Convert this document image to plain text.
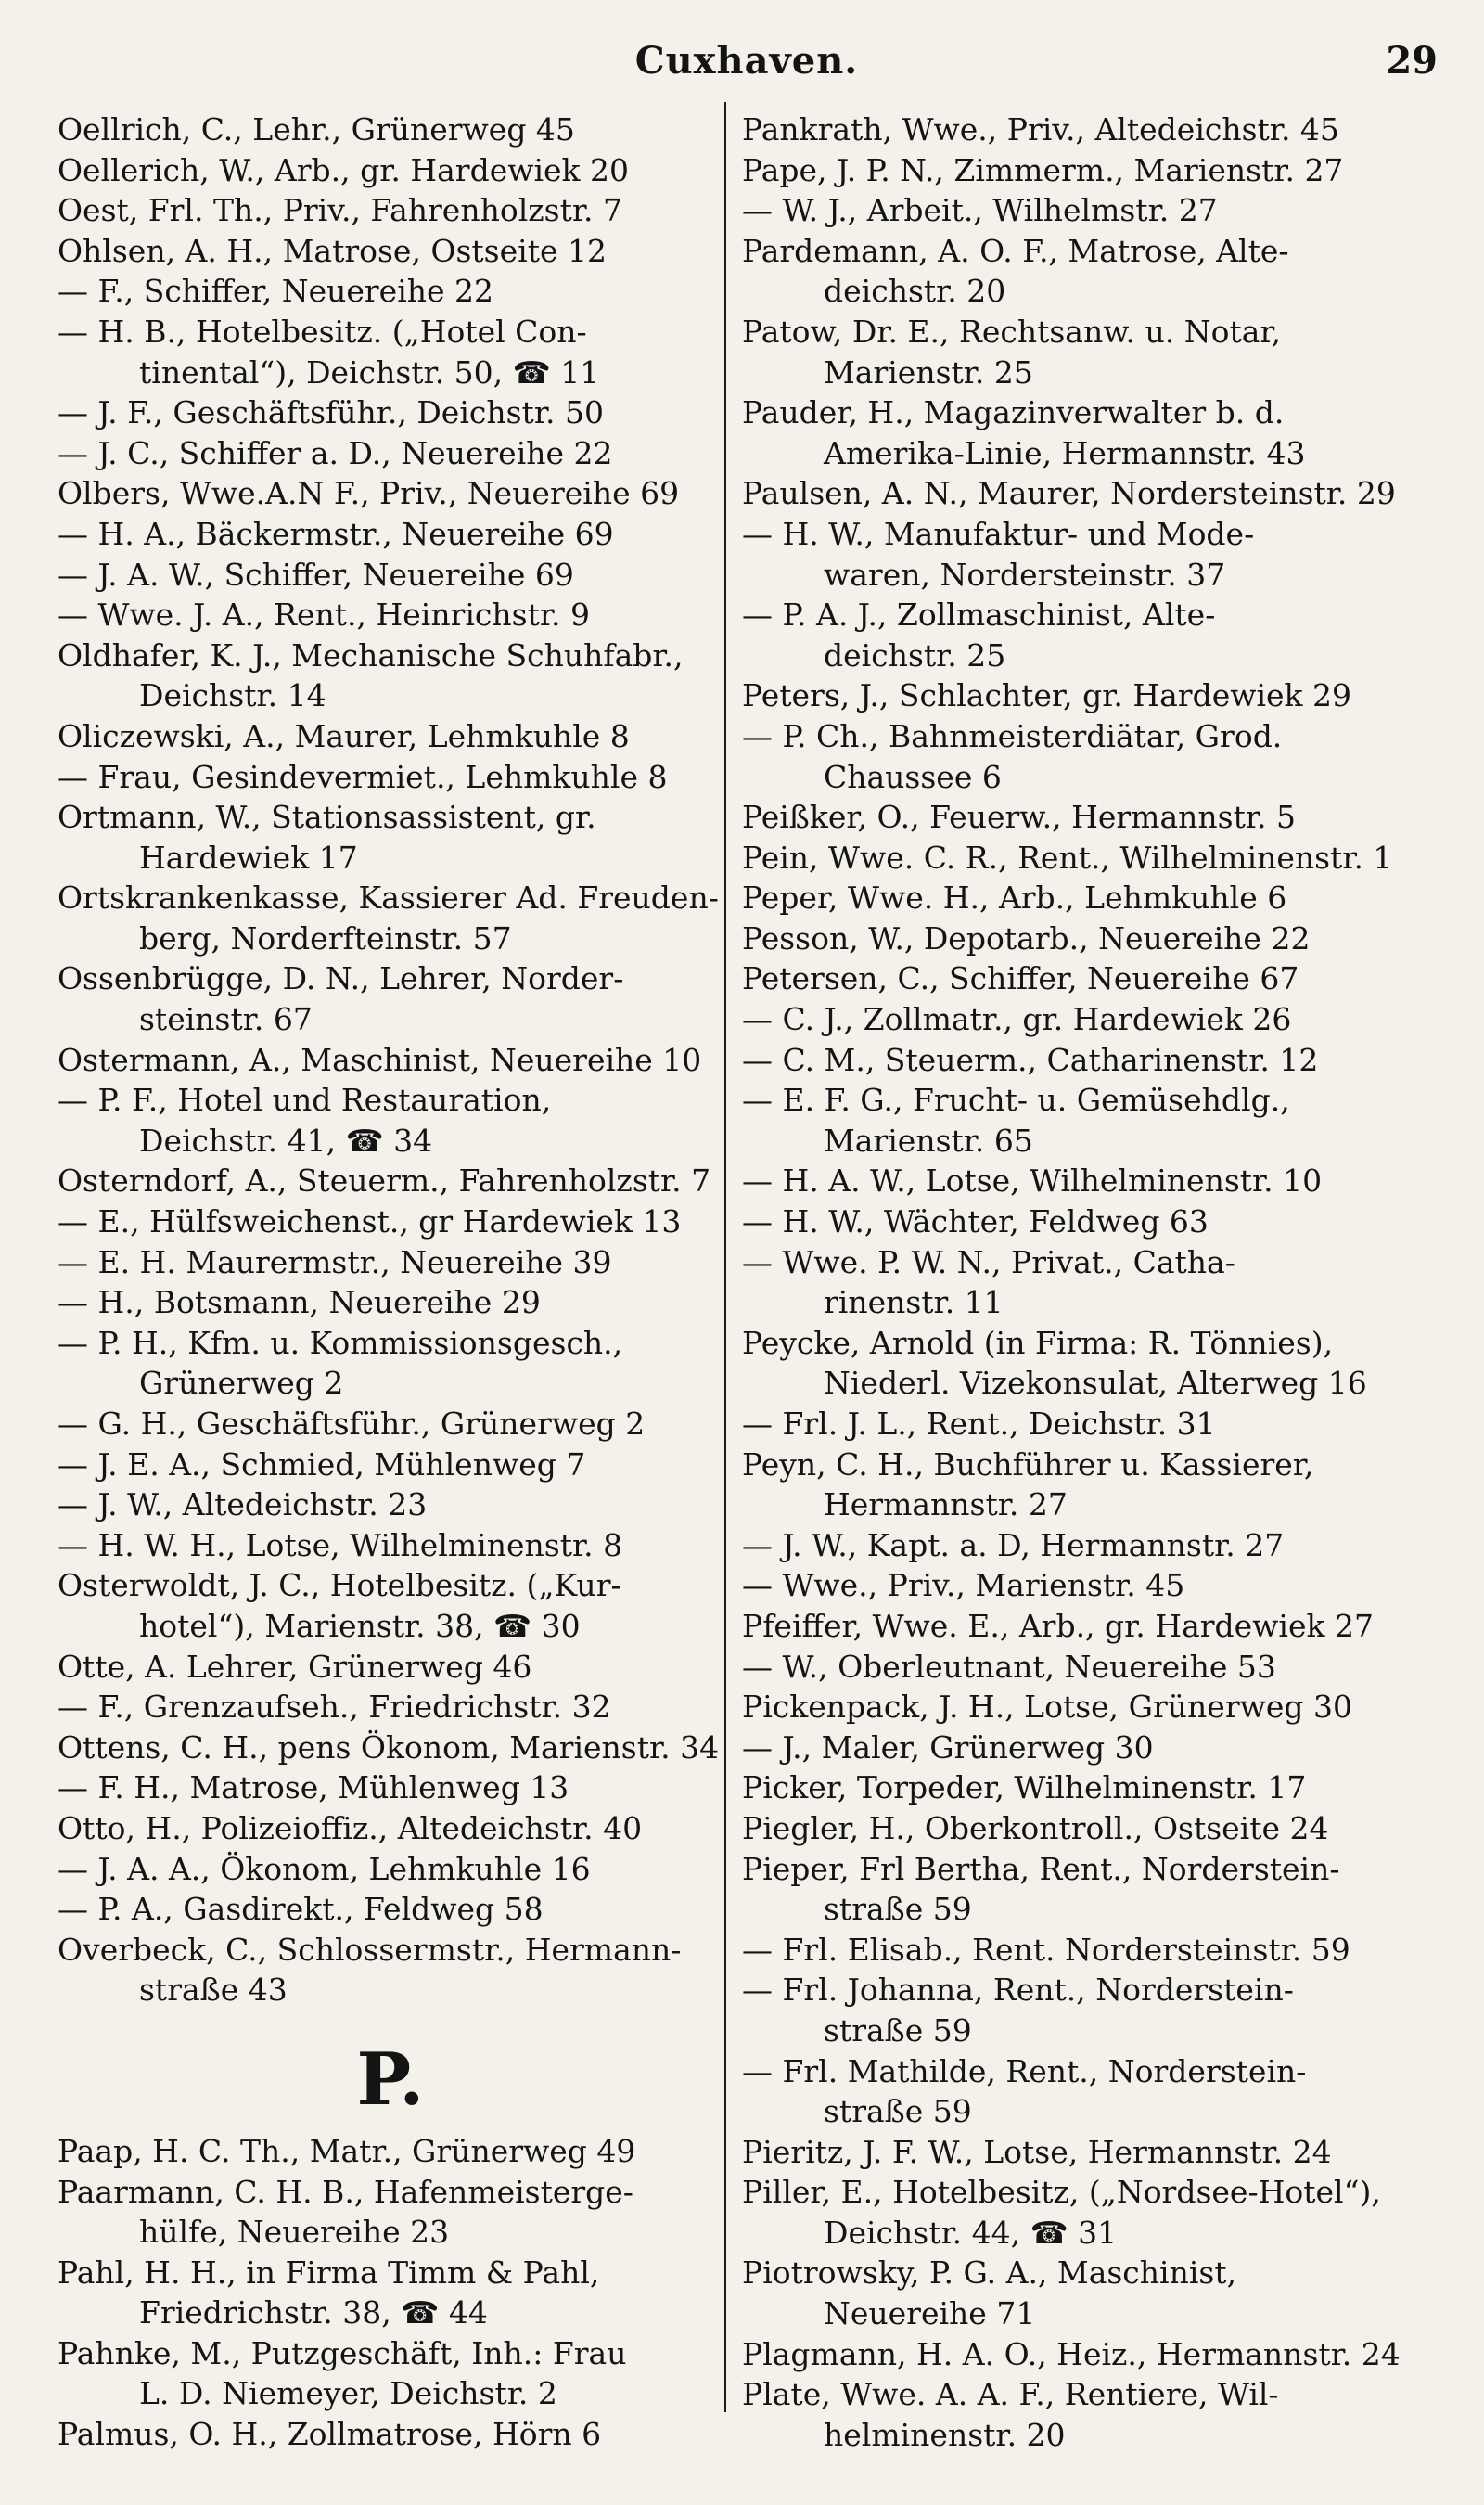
Cuxhaven.	29
Oellrich, C., Lehr., Grünerweg 45
Oellerich, W., Arb., gr. Hardewiek 20
Oest, Frl. Th., Priv., Fahrenholzstr. 7
Ohlsen, A. H., Matrose, Ostseite 12
— F., Schiffer, Neuereihe 22
— H. B., Hotelbesitz. („Hotel Con-
tinental“), Deichstr. 50, ☎ 11
— J. F., Geschäftsführ., Deichstr. 50
— J. C., Schiffer a. D., Neuereihe 22
Olbers, Wwe.A.N F., Priv., Neuereihe 69
— H. A., Bäckermstr., Neuereihe 69
— J. A. W., Schiffer, Neuereihe 69
— Wwe. J. A., Rent., Heinrichstr. 9
Oldhafer, K. J., Mechanische Schuhfabr.,
Deichstr. 14
Oliczewski, A., Maurer, Lehmkuhle 8
— Frau, Gesindevermiet., Lehmkuhle 8
Ortmann, W., Stationsassistent, gr.
Hardewiek 17
Ortskrankenkasse, Kassierer Ad. Freuden-
berg, Norderfteinstr. 57
Ossenbrügge, D. N., Lehrer, Norder-
steinstr. 67
Ostermann, A., Maschinist, Neuereihe 10
— P. F., Hotel und Restauration,
Deichstr. 41, ☎ 34
Osterndorf, A., Steuerm., Fahrenholzstr. 7
— E., Hülfsweichenst., gr Hardewiek 13
— E. H. Maurermstr., Neuereihe 39
— H., Botsmann, Neuereihe 29
— P. H., Kfm. u. Kommissionsgesch.,
Grünerweg 2
— G. H., Geschäftsführ., Grünerweg 2
— J. E. A., Schmied, Mühlenweg 7
— J. W., Altedeichstr. 23
— H. W. H., Lotse, Wilhelminenstr. 8
Osterwoldt, J. C., Hotelbesitz. („Kur-
hotel“), Marienstr. 38, ☎ 30
Otte, A. Lehrer, Grünerweg 46
— F., Grenzaufseh., Friedrichstr. 32
Ottens, C. H., pens Ökonom, Marienstr. 34
— F. H., Matrose, Mühlenweg 13
Otto, H., Polizeioffiz., Altedeichstr. 40
— J. A. A., Ökonom, Lehmkuhle 16
— P. A., Gasdirekt., Feldweg 58
Overbeck, C., Schlossermstr., Hermann-
straße 43
P.
Paap, H. C. Th., Matr., Grünerweg 49
Paarmann, C. H. B., Hafenmeisterge-
hülfe, Neuereihe 23
Pahl, H. H., in Firma Timm & Pahl,
Friedrichstr. 38, ☎ 44
Pahnke, M., Putzgeschäft, Inh.: Frau
L. D. Niemeyer, Deichstr. 2
Palmus, O. H., Zollmatrose, Hörn 6
Pankrath, Wwe., Priv., Altedeichstr. 45
Pape, J. P. N., Zimmerm., Marienstr. 27
— W. J., Arbeit., Wilhelmstr. 27
Pardemann, A. O. F., Matrose, Alte-
deichstr. 20
Patow, Dr. E., Rechtsanw. u. Notar,
Marienstr. 25
Pauder, H., Magazinverwalter b. d.
Amerika-Linie, Hermannstr. 43
Paulsen, A. N., Maurer, Nordersteinstr. 29
— H. W., Manufaktur- und Mode-
waren, Nordersteinstr. 37
— P. A. J., Zollmaschinist, Alte-
deichstr. 25
Peters, J., Schlachter, gr. Hardewiek 29
— P. Ch., Bahnmeisterdiätar, Grod.
Chaussee 6
Peißker, O., Feuerw., Hermannstr. 5
Pein, Wwe. C. R., Rent., Wilhelminenstr. 1
Peper, Wwe. H., Arb., Lehmkuhle 6
Pesson, W., Depotarb., Neuereihe 22
Petersen, C., Schiffer, Neuereihe 67
— C. J., Zollmatr., gr. Hardewiek 26
— C. M., Steuerm., Catharinenstr. 12
— E. F. G., Frucht- u. Gemüsehdlg.,
Marienstr. 65
— H. A. W., Lotse, Wilhelminenstr. 10
— H. W., Wächter, Feldweg 63
— Wwe. P. W. N., Privat., Catha-
rinenstr. 11
Peycke, Arnold (in Firma: R. Tönnies),
Niederl. Vizekonsulat, Alterweg 16
— Frl. J. L., Rent., Deichstr. 31
Peyn, C. H., Buchführer u. Kassierer,
Hermannstr. 27
— J. W., Kapt. a. D, Hermannstr. 27
— Wwe., Priv., Marienstr. 45
Pfeiffer, Wwe. E., Arb., gr. Hardewiek 27
— W., Oberleutnant, Neuereihe 53
Pickenpack, J. H., Lotse, Grünerweg 30
— J., Maler, Grünerweg 30
Picker, Torpeder, Wilhelminenstr. 17
Piegler, H., Oberkontroll., Ostseite 24
Pieper, Frl Bertha, Rent., Norderstein-
straße 59
— Frl. Elisab., Rent. Nordersteinstr. 59
— Frl. Johanna, Rent., Norderstein-
straße 59
— Frl. Mathilde, Rent., Norderstein-
straße 59
Pieritz, J. F. W., Lotse, Hermannstr. 24
Piller, E., Hotelbesitz, („Nordsee-Hotel“),
Deichstr. 44, ☎ 31
Piotrowsky, P. G. A., Maschinist,
Neuereihe 71
Plagmann, H. A. O., Heiz., Hermannstr. 24
Plate, Wwe. A. A. F., Rentiere, Wil-
helminenstr. 20
